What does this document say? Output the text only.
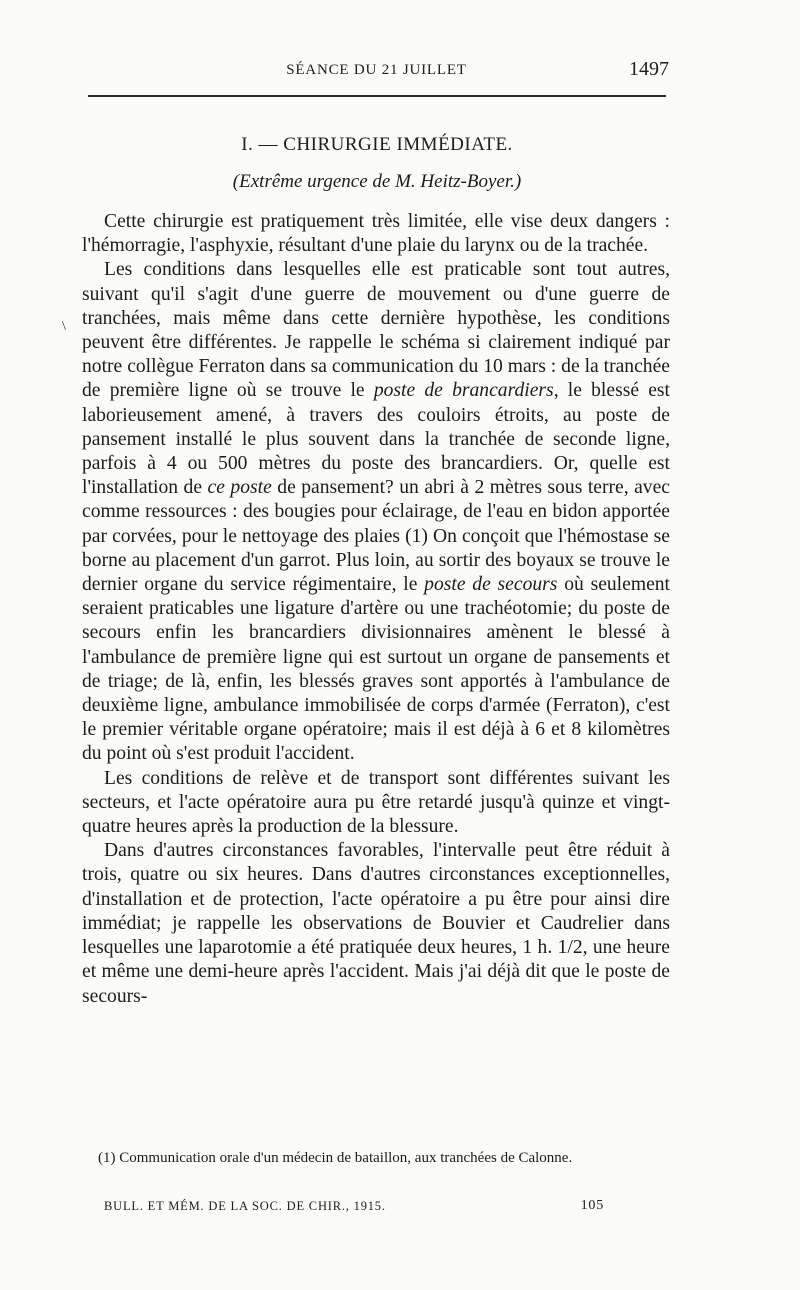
SÉANCE DU 21 JUILLET	1497
I. — CHIRURGIE IMMÉDIATE.
(Extrême urgence de M. Heitz-Boyer.)
\

Cette chirurgie est pratiquement très limitée, elle vise deux dangers : l'hémorragie, l'asphyxie, résultant d'une plaie du larynx ou de la trachée.

Les conditions dans lesquelles elle est praticable sont tout autres, suivant qu'il s'agit d'une guerre de mouvement ou d'une guerre de tranchées, mais même dans cette dernière hypothèse, les conditions peuvent être différentes. Je rappelle le schéma si clairement indiqué par notre collègue Ferraton dans sa communication du 10 mars : de la tranchée de première ligne où se trouve le poste de brancardiers, le blessé est laborieusement amené, à travers des couloirs étroits, au poste de pansement installé le plus souvent dans la tranchée de seconde ligne, parfois à 4 ou 500 mètres du poste des brancardiers. Or, quelle est l'installation de ce poste de pansement? un abri à 2 mètres sous terre, avec comme ressources : des bougies pour éclairage, de l'eau en bidon apportée par corvées, pour le nettoyage des plaies (1) On conçoit que l'hémostase se borne au placement d'un garrot. Plus loin, au sortir des boyaux se trouve le dernier organe du service régimentaire, le poste de secours où seulement seraient praticables une ligature d'artère ou une trachéotomie; du poste de secours enfin les brancardiers divisionnaires amènent le blessé à l'ambulance de première ligne qui est surtout un organe de pansements et de triage; de là, enfin, les blessés graves sont apportés à l'ambulance de deuxième ligne, ambulance immobilisée de corps d'armée (Ferraton), c'est le premier véritable organe opératoire; mais il est déjà à 6 et 8 kilomètres du point où s'est produit l'accident.

Les conditions de relève et de transport sont différentes suivant les secteurs, et l'acte opératoire aura pu être retardé jusqu'à quinze et vingt-quatre heures après la production de la blessure.

Dans d'autres circonstances favorables, l'intervalle peut être réduit à trois, quatre ou six heures. Dans d'autres circonstances exceptionnelles, d'installation et de protection, l'acte opératoire a pu être pour ainsi dire immédiat; je rappelle les observations de Bouvier et Caudrelier dans lesquelles une laparotomie a été pratiquée deux heures, 1 h. 1/2, une heure et même une demi-heure après l'accident. Mais j'ai déjà dit que le poste de secours-

(1) Communication orale d'un médecin de bataillon, aux tranchées de Calonne.
BULL. ET MÉM. DE LA SOC. DE CHIR., 1915.	105
